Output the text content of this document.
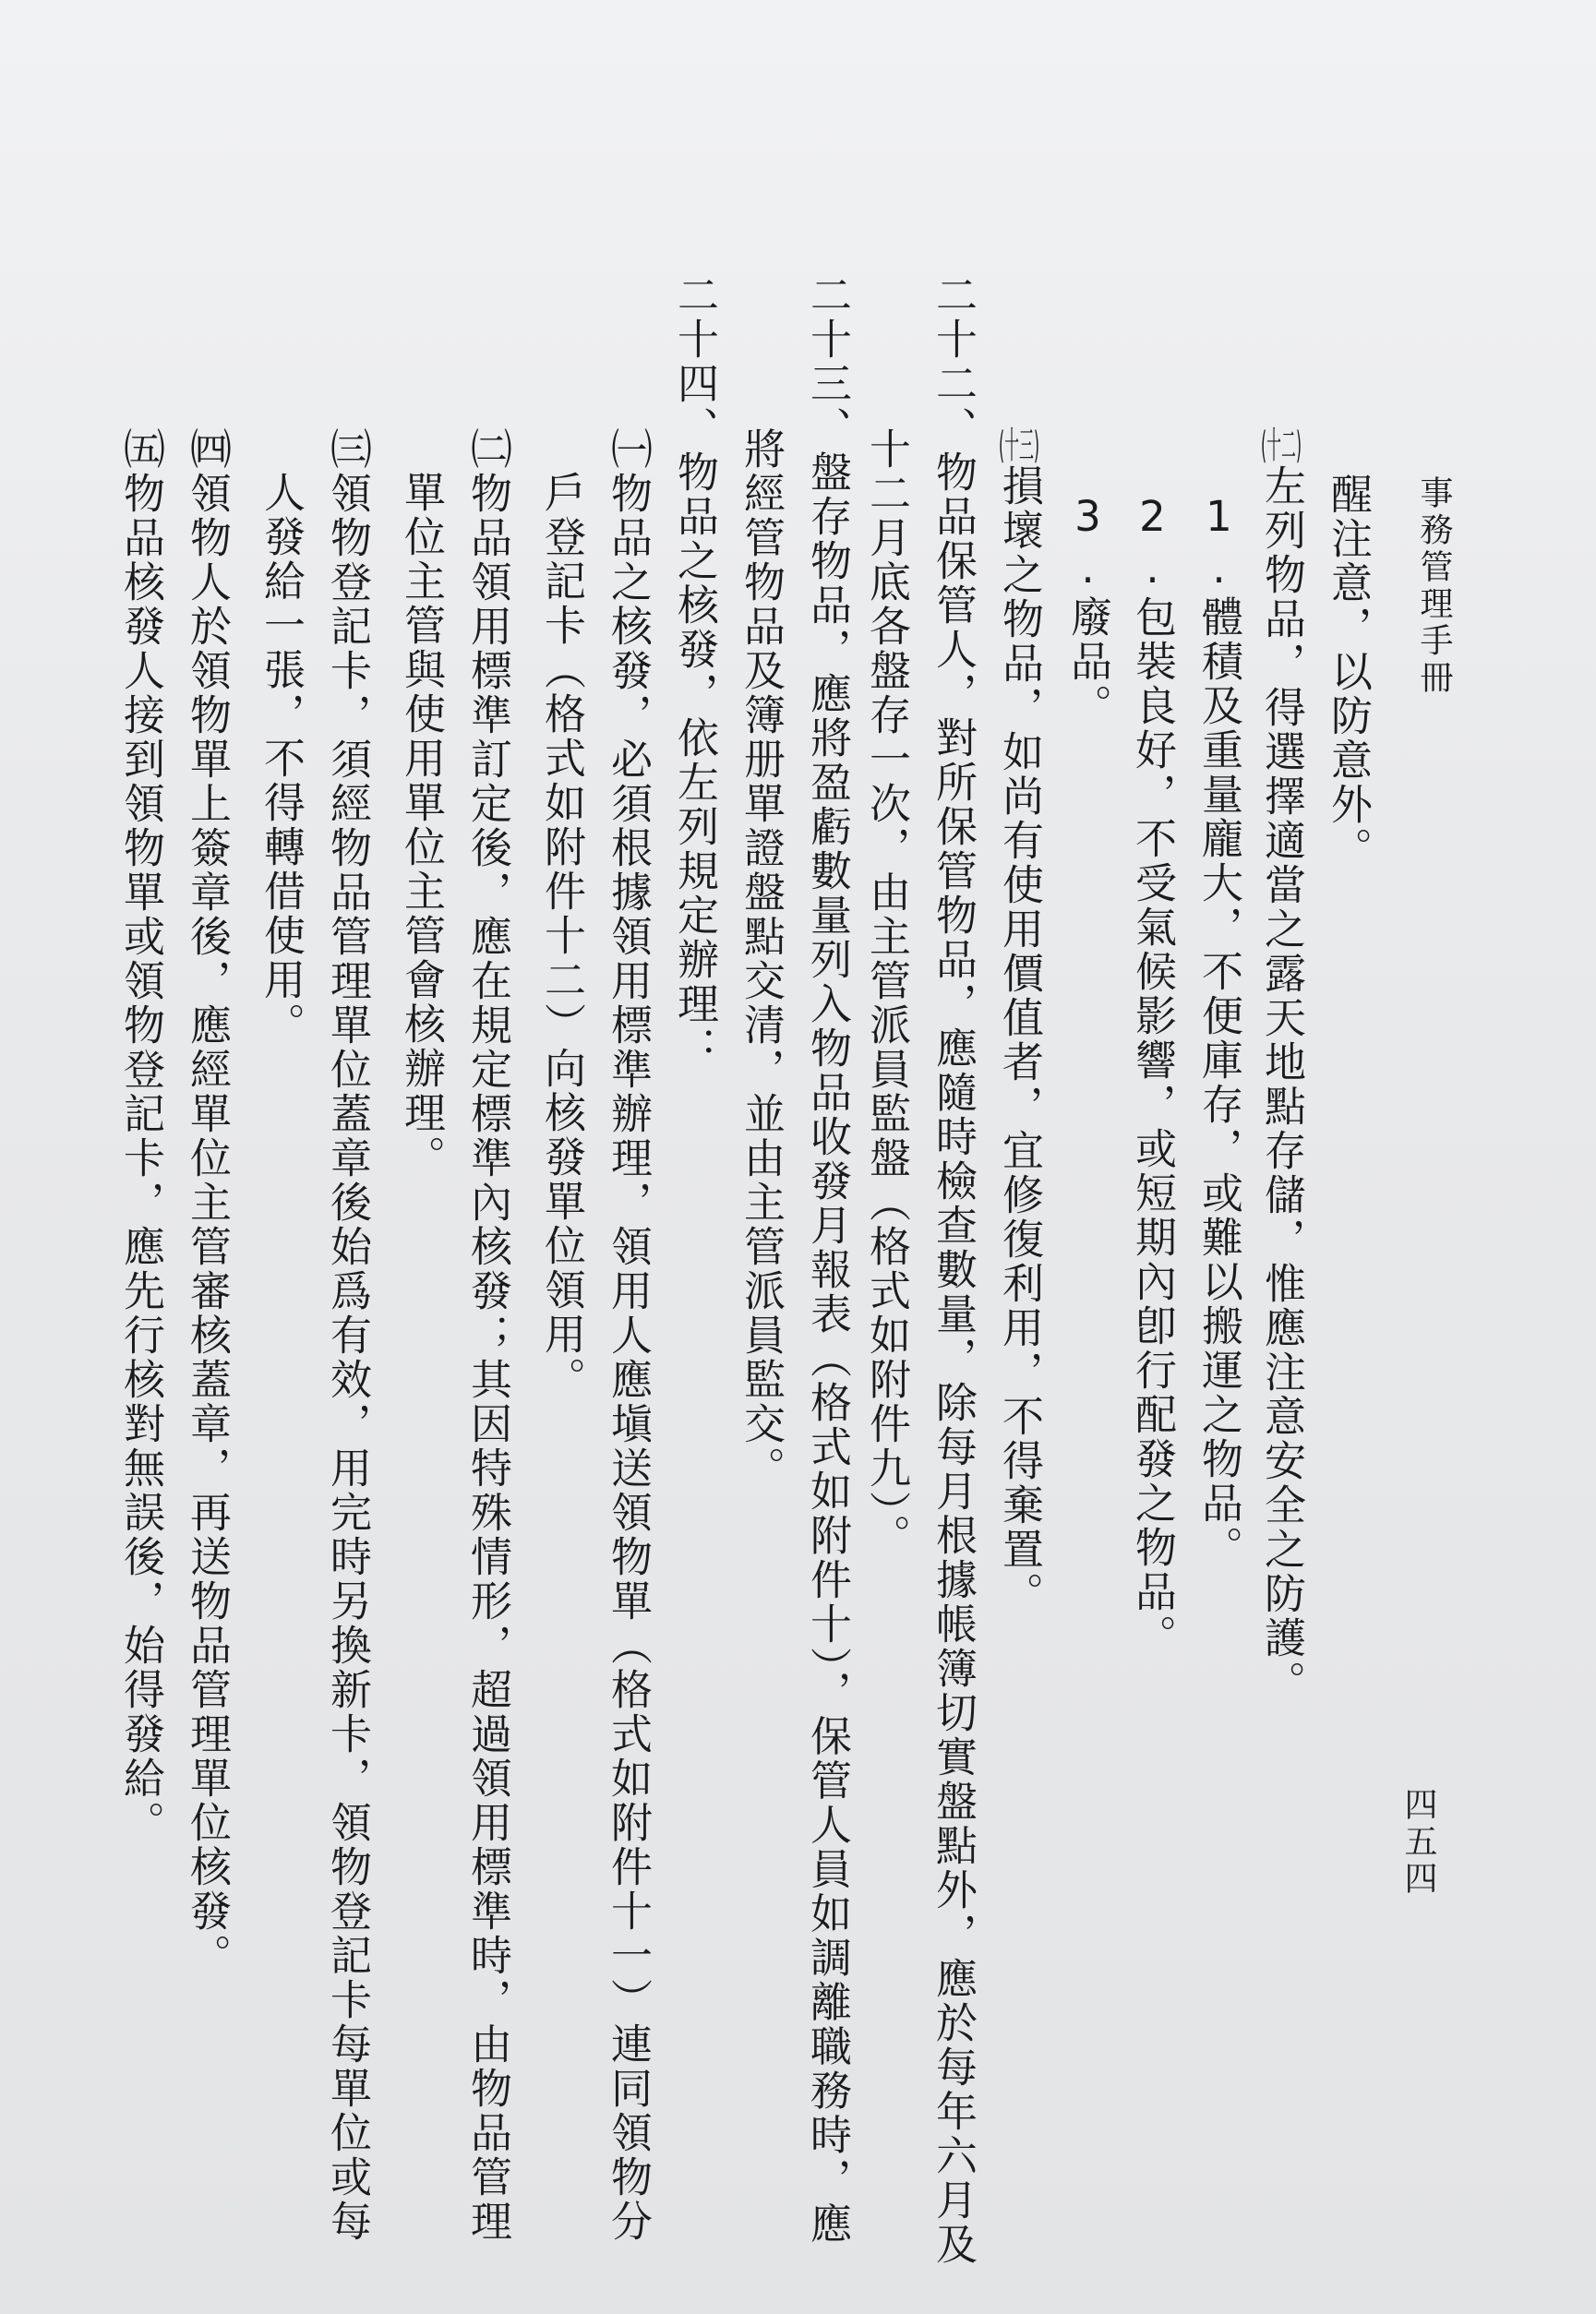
事務管理手冊
四五四
醒注意，以防意外。
(十二)左列物品，得選擇適當之露天地點存儲，惟應注意安全之防護。
1.體積及重量龐大，不便庫存，或難以搬運之物品。
2.包裝良好，不受氣候影響，或短期內卽行配發之物品。
3.廢品。
(十三)損壞之物品，如尚有使用價值者，宜修復利用，不得棄置。
二十二、物品保管人，對所保管物品，應隨時檢查數量，除每月根據帳簿切實盤點外，應於每年六月及
十二月底各盤存一次，由主管派員監盤（格式如附件九）。
二十三、盤存物品，應將盈虧數量列入物品收發月報表（格式如附件十），保管人員如調離職務時，應
將經管物品及簿册單證盤點交清，並由主管派員監交。
二十四、物品之核發，依左列規定辦理：
㈠物品之核發，必須根據領用標準辦理，領用人應塡送領物單（格式如附件十一）連同領物分
戶登記卡（格式如附件十二）向核發單位領用。
㈡物品領用標準訂定後，應在規定標準內核發；其因特殊情形，超過領用標準時，由物品管理
單位主管與使用單位主管會核辦理。
㈢領物登記卡，須經物品管理單位蓋章後始爲有效，用完時另換新卡，領物登記卡每單位或每
人發給一張，不得轉借使用。
㈣領物人於領物單上簽章後，應經單位主管審核蓋章，再送物品管理單位核發。
㈤物品核發人接到領物單或領物登記卡，應先行核對無誤後，始得發給。
